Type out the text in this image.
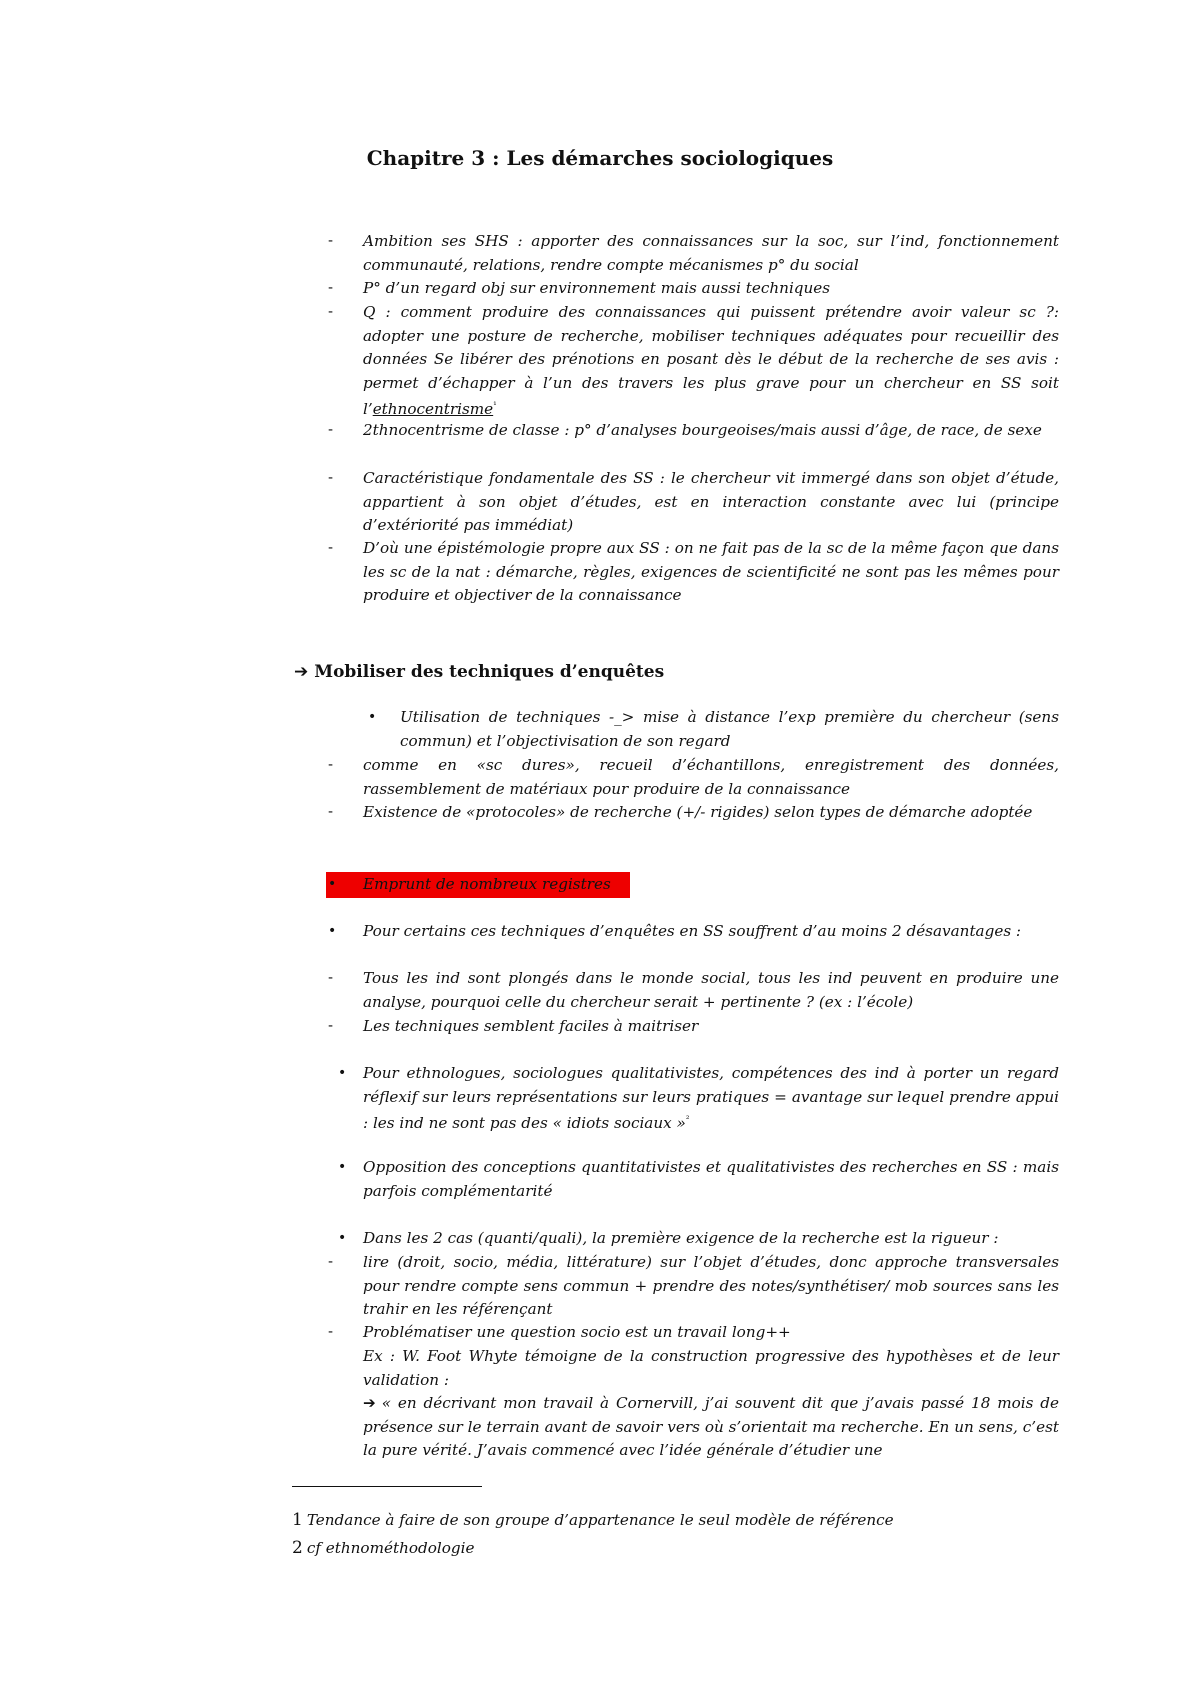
Chapitre 3 : Les démarches sociologiques
- Ambition ses SHS : apporter des connaissances sur la soc, sur l’ind, fonctionnement communauté, relations, rendre compte mécanismes p° du social
- P° d’un regard obj sur environnement mais aussi techniques
- Q : comment produire des connaissances qui puissent prétendre avoir valeur sc ?: adopter une posture de recherche, mobiliser techniques adéquates pour recueillir des données Se libérer des prénotions en posant dès le début de la recherche de ses avis : permet d’échapper à l’un des travers les plus grave pour un chercheur en SS soit l’ethnocentrisme$^{^1}$
- 2thnocentrisme de classe : p° d’analyses bourgeoises/mais aussi d’âge, de race, de sexe
- Caractéristique fondamentale des SS : le chercheur vit immergé dans son objet d’étude, appartient à son objet d’études, est en interaction constante avec lui (principe d’extériorité pas immédiat)
- D’où une épistémologie propre aux SS : on ne fait pas de la sc de la même façon que dans les sc de la nat : démarche, règles, exigences de scientificité ne sont pas les mêmes pour produire et objectiver de la connaissance
➔ Mobiliser des techniques d’enquêtes
• Utilisation de techniques -_> mise à distance l’exp première du chercheur (sens commun) et l’objectivisation de son regard
- comme en «sc dures», recueil d’échantillons, enregistrement des données, rassemblement de matériaux pour produire de la connaissance
- Existence de «protocoles» de recherche (+/- rigides) selon types de démarche adoptée
• Emprunt de nombreux registres
• Pour certains ces techniques d’enquêtes en SS souffrent d’au moins 2 désavantages :
- Tous les ind sont plongés dans le monde social, tous les ind peuvent en produire une analyse, pourquoi celle du chercheur serait + pertinente ? (ex : l’école)
- Les techniques semblent faciles à maitriser
• Pour ethnologues, sociologues qualitativistes, compétences des ind à porter un regard réflexif sur leurs représentations sur leurs pratiques = avantage sur lequel prendre appui : les ind ne sont pas des « idiots sociaux »$^{^2}$
• Opposition des conceptions quantitativistes et qualitativistes des recherches en SS : mais parfois complémentarité
• Dans les 2 cas (quanti/quali), la première exigence de la recherche est la rigueur :
- lire (droit, socio, média, littérature) sur l’objet d’études, donc approche transversales pour rendre compte sens commun + prendre des notes/synthétiser/ mob sources sans les trahir en les référençant
- Problématiser une question socio est un travail long++
Ex : W. Foot Whyte témoigne de la construction progressive des hypothèses et de leur validation :
➔ « en décrivant mon travail à Cornervill, j’ai souvent dit que j’avais passé 18 mois de présence sur le terrain avant de savoir vers où s’orientait ma recherche. En un sens, c’est la pure vérité. J’avais commencé avec l’idée générale d’étudier une
1 Tendance à faire de son groupe d’appartenance le seul modèle de référence
2 cf ethnométhodologie
